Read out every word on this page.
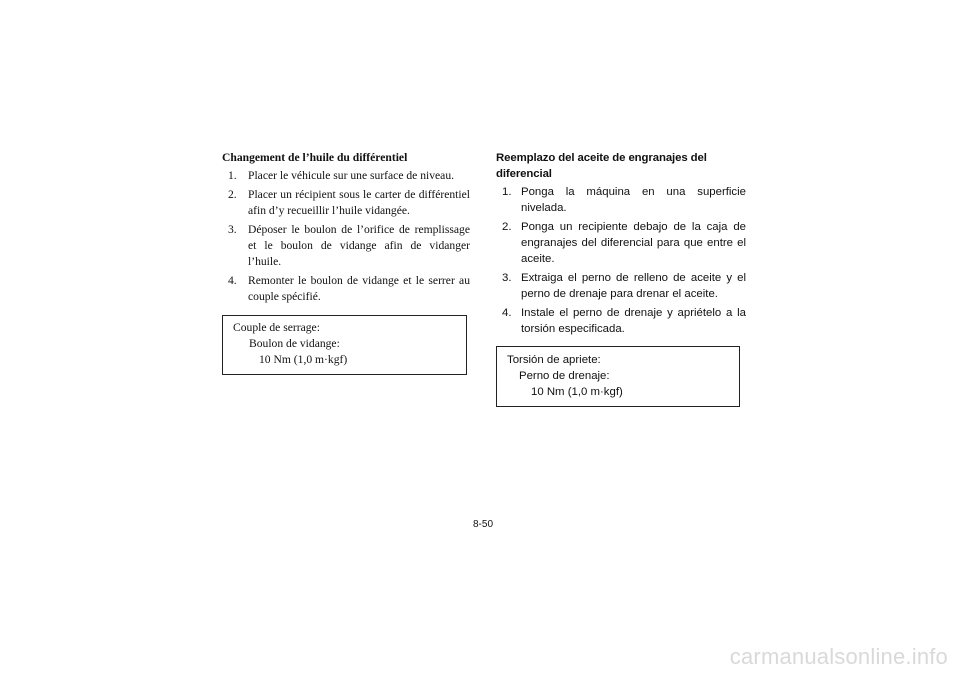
Changement de l’huile du différentiel
1. Placer le véhicule sur une surface de niveau.
2. Placer un récipient sous le carter de différentiel afin d’y recueillir l’huile vidangée.
3. Déposer le boulon de l’orifice de remplissage et le boulon de vidange afin de vidanger l’huile.
4. Remonter le boulon de vidange et le serrer au couple spécifié.
Couple de serrage:
Boulon de vidange:
10 Nm (1,0 m·kgf)
Reemplazo del aceite de engranajes del diferencial
1. Ponga la máquina en una superficie nivelada.
2. Ponga un recipiente debajo de la caja de engranajes del diferencial para que entre el aceite.
3. Extraiga el perno de relleno de aceite y el perno de drenaje para drenar el aceite.
4. Instale el perno de drenaje y apriételo a la torsión especificada.
Torsión de apriete:
Perno de drenaje:
10 Nm (1,0 m·kgf)
8-50
carmanualsonline.info
